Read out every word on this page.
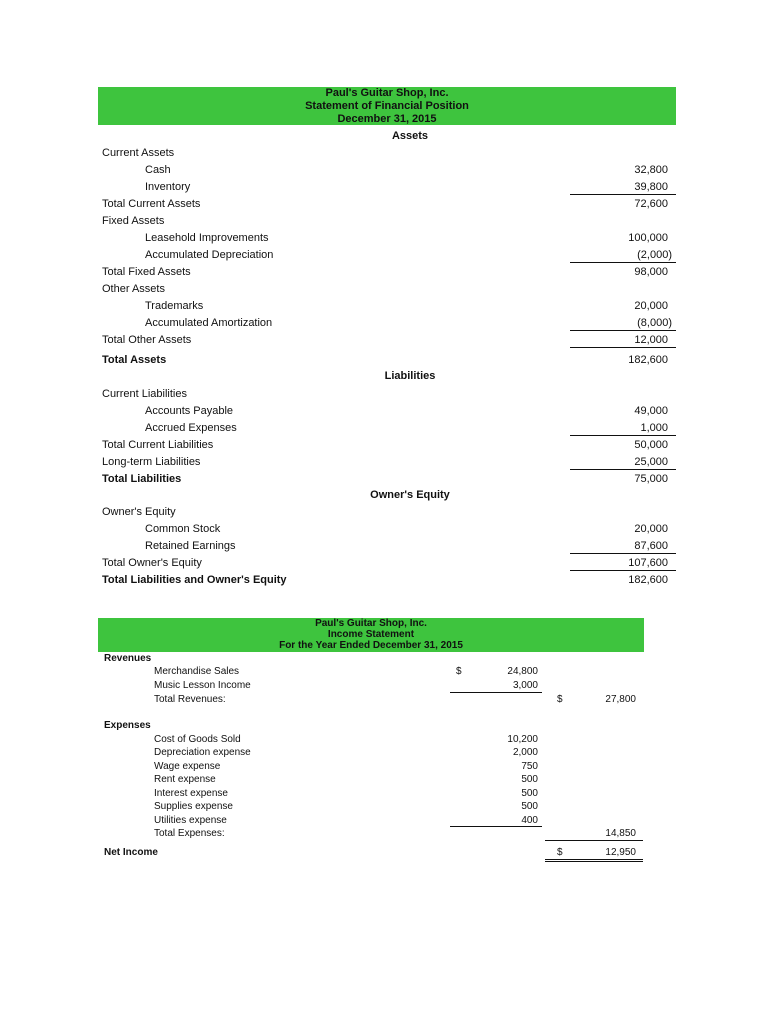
Paul's Guitar Shop, Inc.
Statement of Financial Position
December 31, 2015
Assets
Current Assets
Cash	32,800
Inventory	39,800
Total Current Assets	72,600
Fixed Assets
Leasehold Improvements	100,000
Accumulated Depreciation	(2,000)
Total Fixed Assets	98,000
Other Assets
Trademarks	20,000
Accumulated Amortization	(8,000)
Total Other Assets	12,000
Total Assets	182,600
Liabilities
Current Liabilities
Accounts Payable	49,000
Accrued Expenses	1,000
Total Current Liabilities	50,000
Long-term Liabilities	25,000
Total Liabilities	75,000
Owner's Equity
Owner's Equity
Common Stock	20,000
Retained Earnings	87,600
Total Owner's Equity	107,600
Total Liabilities and Owner's Equity	182,600
Paul's Guitar Shop, Inc.
Income Statement
For the Year Ended December 31, 2015
Revenues
Merchandise Sales	$	24,800
Music Lesson Income	3,000
Total Revenues:	$	27,800
Expenses
Cost of Goods Sold	10,200
Depreciation expense	2,000
Wage expense	750
Rent expense	500
Interest expense	500
Supplies expense	500
Utilities expense	400
Total Expenses:	14,850
Net Income	$	12,950
